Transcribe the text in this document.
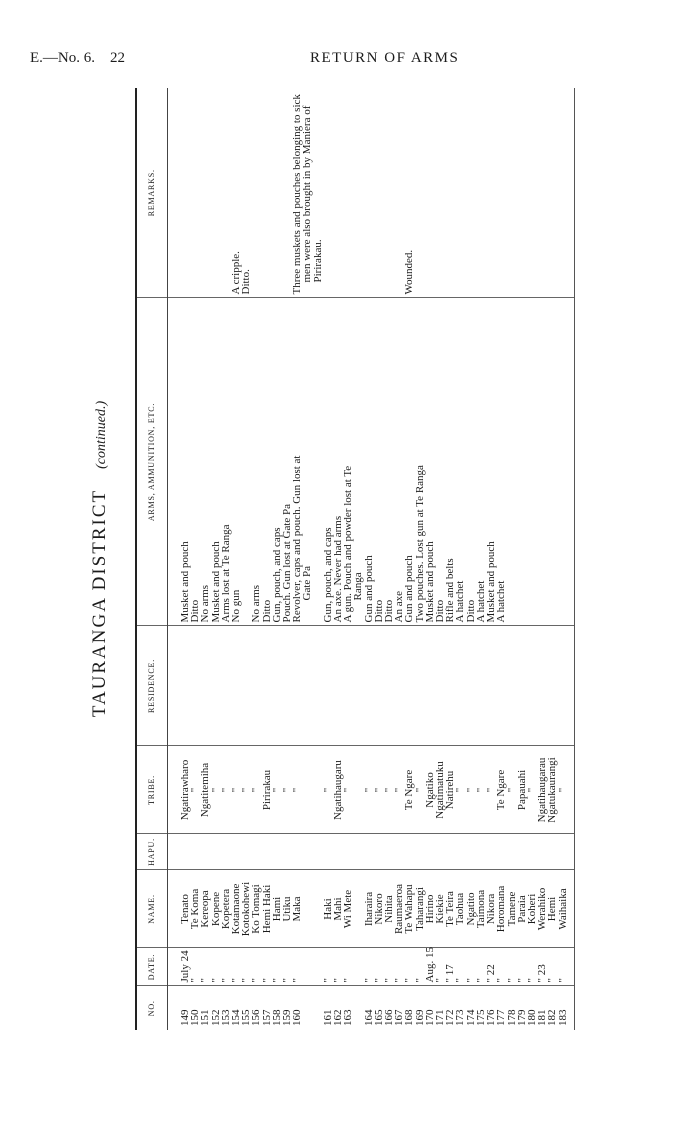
E.—No. 6. 22	RETURN OF ARMS
TAURANGA DISTRICT   (continued.)
NO.	DATE.	NAME.	HAPU.	TRIBE.	RESIDENCE.	ARMS, AMMUNITION, ETC.	REMARKS.
149	July 24	Tenato		Ngatirawharo		Musket and pouch	

150	"	Te Koma		"		Ditto	

151	"	Kereopa		Ngatitemiha		No arms	

152	"	Kopene		"		Musket and pouch	

153	"	Kopetera		"		Arms lost at Te Ranga	

154	"	Kotamaone		"		No gun	A cripple.

155	"	Kotokohewi		"			Ditto.

156	"	Ko Tomagi		"		No arms	

157	"	Hemi Haki		Pirirakau		Ditto	

158	"	Hami		"		Gun, pouch, and caps	

159	"	Utiku		"		Pouch. Gun lost at Gate Pa	

160	"	Maka		"		Revolver, caps and pouch. Gun lost at
Gate Pa	Three muskets and pouches belonging to sick
men were also brought in by Maniera of
Pirirakau.

161	"	Haki		"		Gun, pouch, and caps	

162	"	Mahi		Ngatihaugaru		An axe. Never had arms	

163	"	Wi Mete		"		A gun. Pouch and powder lost at Te
Ranga	

164	"	Iharaira		"		Gun and pouch	

165	"	Nikoro		"		Ditto	

166	"	Nihita		"		Ditto	

167	"	Raumaeroa		"		An axe	

168	"	Te Wahapu		Te Ngare		Gun and pouch	Wounded.

169	"	Taharangi		"		Two pouches. Lost gun at Te Ranga	

170	Aug. 15	Hirino		Ngatiko		Musket and pouch	

171	"	Kiekie		Ngatimatuku		Ditto	

172	" 17	Te Teira		Natirehu		Rifle and belts	

173	"	Taohua		"		A hatchet	

174	"	Ngatito		"		Ditto	

175	"	Taimona		"		A hatchet	

176	" 22	Nikora		"		Musket and pouch	

177	"	Horomana		Te Ngare		A hatchet	

178	"	Tamene		"			
179	"	Paraia		Papauahi			
180	"	Koheri		"			
181	" 23	Werahiko		Ngatihaugarau			
182	"	Hemi		Ngatukaurangi			
183	"	Waihaika		"			
